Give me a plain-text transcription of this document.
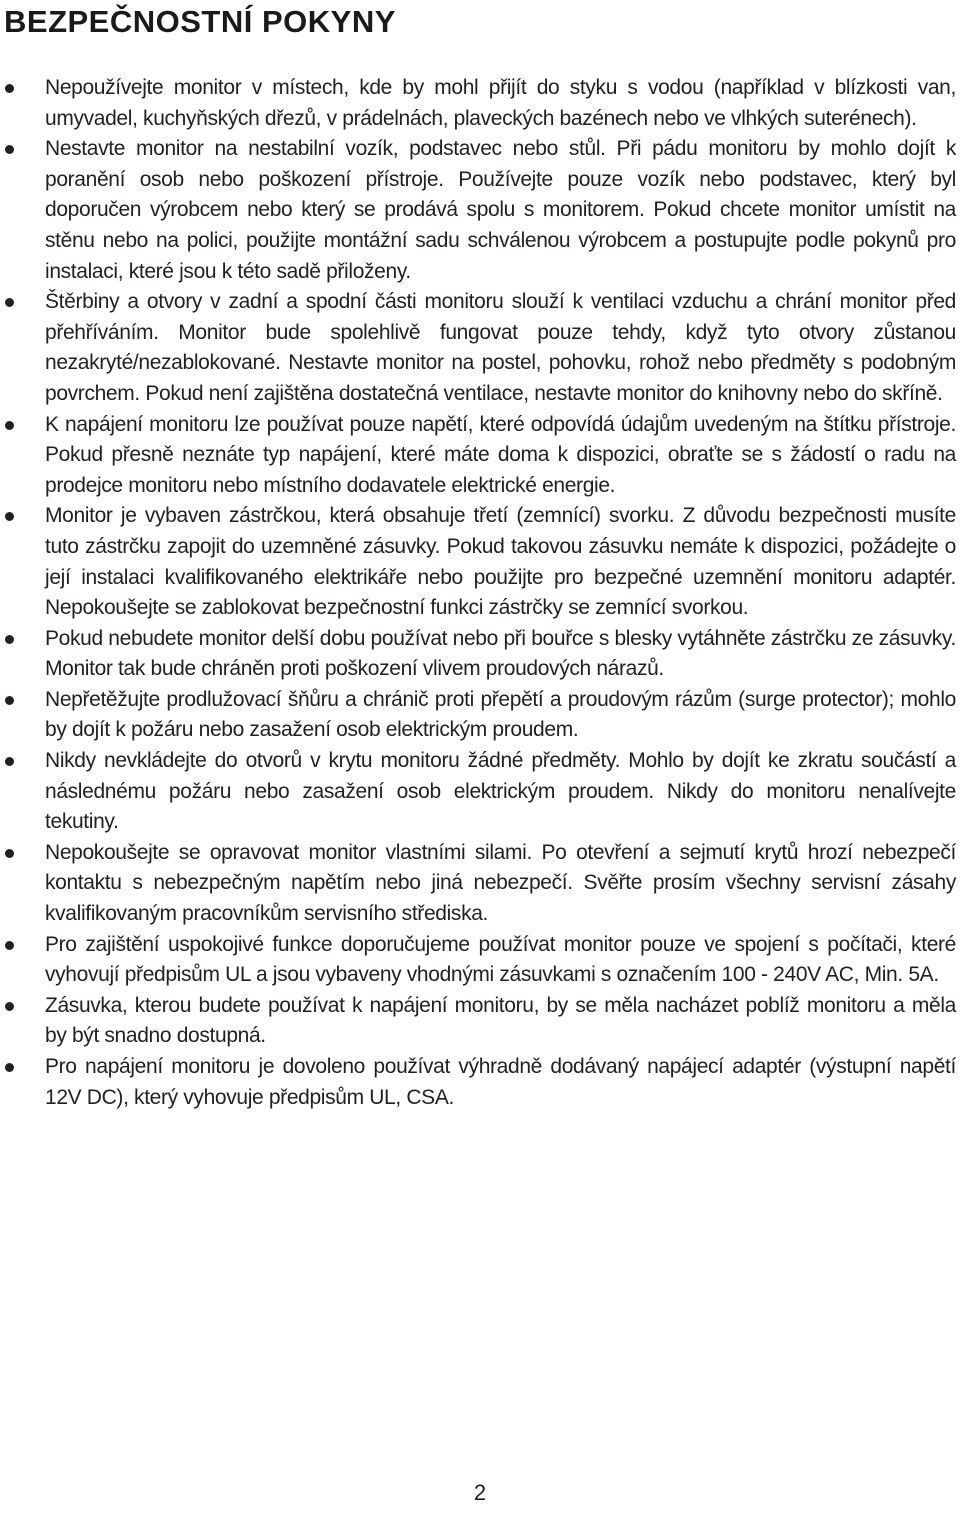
BEZPEČNOSTNÍ POKYNY
Nepoužívejte monitor v místech, kde by mohl přijít do styku s vodou (například v blízkosti van, umyvadel, kuchyňských dřezů, v prádelnách, plaveckých bazénech nebo ve vlhkých suterénech).
Nestavte monitor na nestabilní vozík, podstavec nebo stůl. Při pádu monitoru by mohlo dojít k poranění osob nebo poškození přístroje. Používejte pouze vozík nebo podstavec, který byl doporučen výrobcem nebo který se prodává spolu s monitorem. Pokud chcete monitor umístit na stěnu nebo na polici, použijte montážní sadu schválenou výrobcem a postupujte podle pokynů pro instalaci, které jsou k této sadě přiloženy.
Štěrbiny a otvory v zadní a spodní části monitoru slouží k ventilaci vzduchu a chrání monitor před přehříváním. Monitor bude spolehlivě fungovat pouze tehdy, když tyto otvory zůstanou nezakryté/nezablokované. Nestavte monitor na postel, pohovku, rohož nebo předměty s podobným povrchem. Pokud není zajištěna dostatečná ventilace, nestavte monitor do knihovny nebo do skříně.
K napájení monitoru lze používat pouze napětí, které odpovídá údajům uvedeným na štítku přístroje. Pokud přesně neznáte typ napájení, které máte doma k dispozici, obraťte se s žádostí o radu na prodejce monitoru nebo místního dodavatele elektrické energie.
Monitor je vybaven zástrčkou, která obsahuje třetí (zemnící) svorku. Z důvodu bezpečnosti musíte tuto zástrčku zapojit do uzemněné zásuvky. Pokud takovou zásuvku nemáte k dispozici, požádejte o její instalaci kvalifikovaného elektrikáře nebo použijte pro bezpečné uzemnění monitoru adaptér. Nepokoušejte se zablokovat bezpečnostní funkci zástrčky se zemnící svorkou.
Pokud nebudete monitor delší dobu používat nebo při bouřce s blesky vytáhněte zástrčku ze zásuvky. Monitor tak bude chráněn proti poškození vlivem proudových nárazů.
Nepřetěžujte prodlužovací šňůru a chránič proti přepětí a proudovým rázům (surge protector); mohlo by dojít k požáru nebo zasažení osob elektrickým proudem.
Nikdy nevkládejte do otvorů v krytu monitoru žádné předměty. Mohlo by dojít ke zkratu součástí a následnému požáru nebo zasažení osob elektrickým proudem. Nikdy do monitoru nenalívejte tekutiny.
Nepokoušejte se opravovat monitor vlastními silami. Po otevření a sejmutí krytů hrozí nebezpečí kontaktu s nebezpečným napětím nebo jiná nebezpečí. Svěřte prosím všechny servisní zásahy kvalifikovaným pracovníkům servisního střediska.
Pro zajištění uspokojivé funkce doporučujeme používat monitor pouze ve spojení s počítači, které vyhovují předpisům UL a jsou vybaveny vhodnými zásuvkami s označením 100 - 240V AC, Min. 5A.
Zásuvka, kterou budete používat k napájení monitoru, by se měla nacházet poblíž monitoru a měla by být snadno dostupná.
Pro napájení monitoru je dovoleno používat výhradně dodávaný napájecí adaptér (výstupní napětí 12V DC), který vyhovuje předpisům UL, CSA.
2
